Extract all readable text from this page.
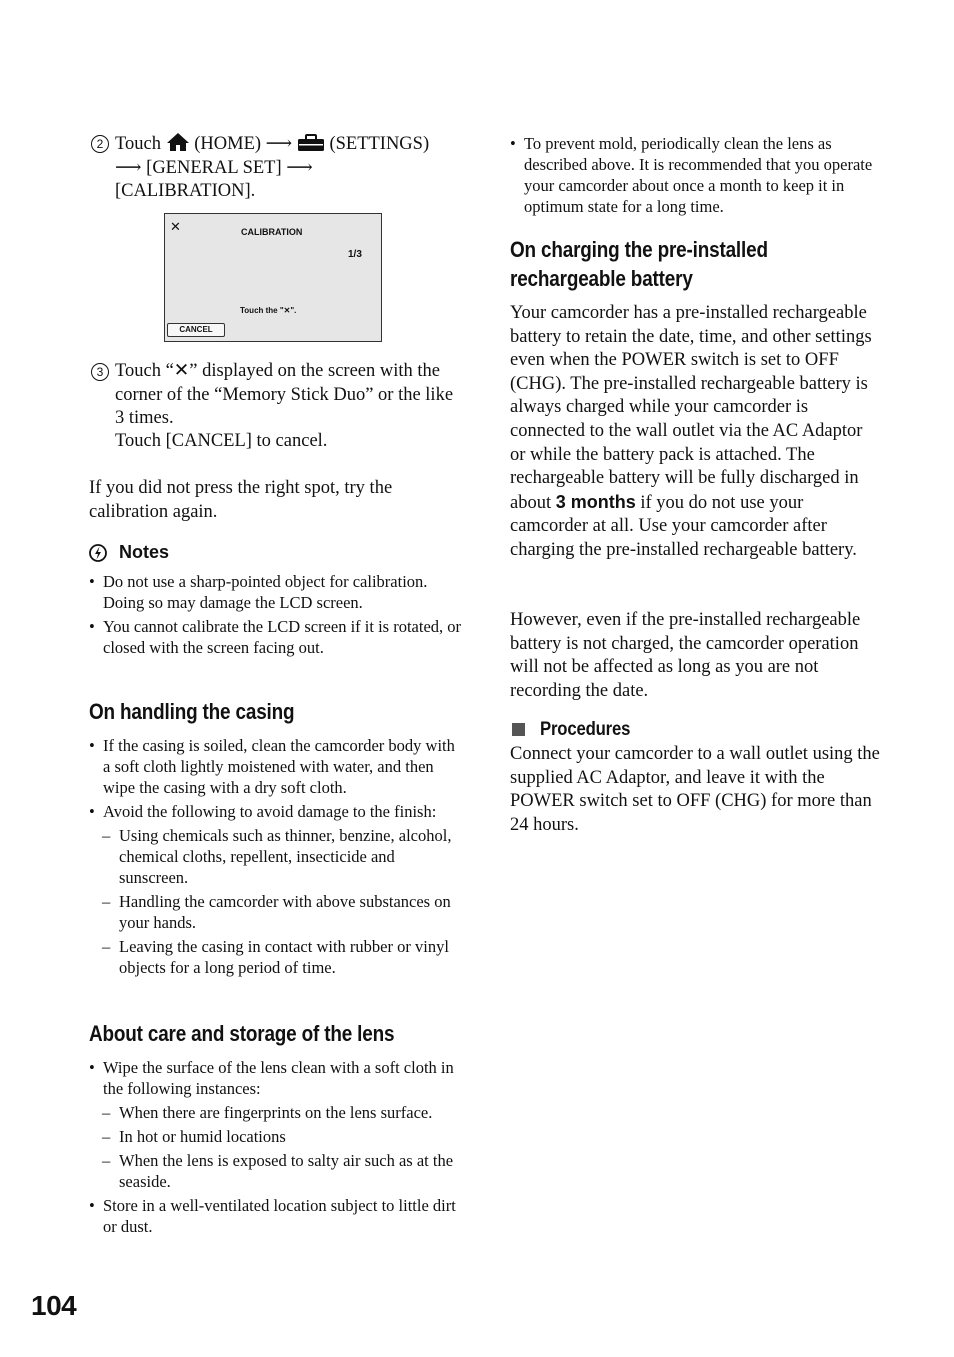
2 Touch (HOME) ⟶ (SETTINGS)
⟶ [GENERAL SET] ⟶
[CALIBRATION].
✕	CALIBRATION
1/3
Touch the "✕".
CANCEL
3 Touch “✕” displayed on the screen with the corner of the “Memory Stick Duo” or the like 3 times.
Touch [CANCEL] to cancel.
If you did not press the right spot, try the calibration again.
Notes
• Do not use a sharp-pointed object for calibration. Doing so may damage the LCD screen.
• You cannot calibrate the LCD screen if it is rotated, or closed with the screen facing out.
On handling the casing
• If the casing is soiled, clean the camcorder body with a soft cloth lightly moistened with water, and then wipe the casing with a dry soft cloth.
• Avoid the following to avoid damage to the finish:
– Using chemicals such as thinner, benzine, alcohol, chemical cloths, repellent, insecticide and sunscreen.
– Handling the camcorder with above substances on your hands.
– Leaving the casing in contact with rubber or vinyl objects for a long period of time.
About care and storage of the lens
• Wipe the surface of the lens clean with a soft cloth in the following instances:
– When there are fingerprints on the lens surface.
– In hot or humid locations
– When the lens is exposed to salty air such as at the seaside.
• Store in a well-ventilated location subject to little dirt or dust.
• To prevent mold, periodically clean the lens as described above. It is recommended that you operate your camcorder about once a month to keep it in optimum state for a long time.
On charging the pre-installed
rechargeable battery
Your camcorder has a pre-installed rechargeable battery to retain the date, time, and other settings even when the POWER switch is set to OFF (CHG). The pre-installed rechargeable battery is always charged while your camcorder is connected to the wall outlet via the AC Adaptor or while the battery pack is attached. The rechargeable battery will be fully discharged in about 3 months if you do not use your camcorder at all. Use your camcorder after charging the pre-installed rechargeable battery.
However, even if the pre-installed rechargeable battery is not charged, the camcorder operation will not be affected as long as you are not recording the date.
Procedures
Connect your camcorder to a wall outlet using the supplied AC Adaptor, and leave it with the POWER switch set to OFF (CHG) for more than 24 hours.
104
